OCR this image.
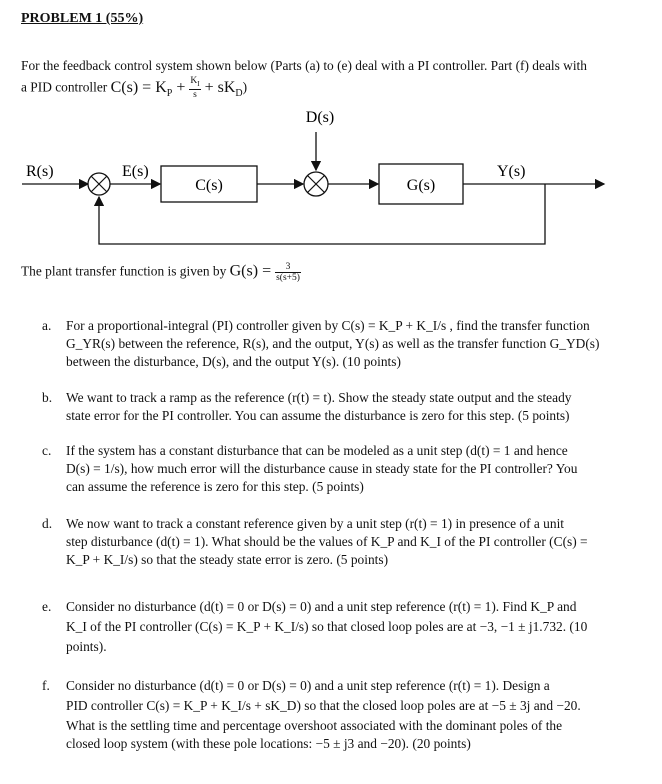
PROBLEM 1 (55%)
For the feedback control system shown below (Parts (a) to (e) deal with a PI controller. Part (f) deals with
a PID controller $C(s) = K_P + \frac{K_I}{s} + sK_D$)
D(s)
R(s)	E(s)
C(s)	G(s)
Y(s)
The plant transfer function is given by $G(s) = \frac{3}{s(s+5)}$
a. For a proportional-integral (PI) controller given by C(s) = K_P + K_I/s , find the transfer function
G_YR(s) between the reference, R(s), and the output, Y(s) as well as the transfer function G_YD(s)
between the disturbance, D(s), and the output Y(s). (10 points)
b. We want to track a ramp as the reference (r(t) = t). Show the steady state output and the steady
state error for the PI controller. You can assume the disturbance is zero for this step. (5 points)
c. If the system has a constant disturbance that can be modeled as a unit step (d(t) = 1 and hence
D(s) = 1/s), how much error will the disturbance cause in steady state for the PI controller? You
can assume the reference is zero for this step. (5 points)
d. We now want to track a constant reference given by a unit step (r(t) = 1) in presence of a unit
step disturbance (d(t) = 1). What should be the values of K_P and K_I of the PI controller (C(s) =
K_P + K_I/s) so that the steady state error is zero. (5 points)
e. Consider no disturbance (d(t) = 0 or D(s) = 0) and a unit step reference (r(t) = 1). Find K_P and
K_I of the PI controller (C(s) = K_P + K_I/s) so that closed loop poles are at −3, −1 ± j1.732. (10
points).
f. Consider no disturbance (d(t) = 0 or D(s) = 0) and a unit step reference (r(t) = 1). Design a
PID controller C(s) = K_P + K_I/s + sK_D) so that the closed loop poles are at −5 ± 3j and −20.
What is the settling time and percentage overshoot associated with the dominant poles of the
closed loop system (with these pole locations: −5 ± j3 and −20). (20 points)
